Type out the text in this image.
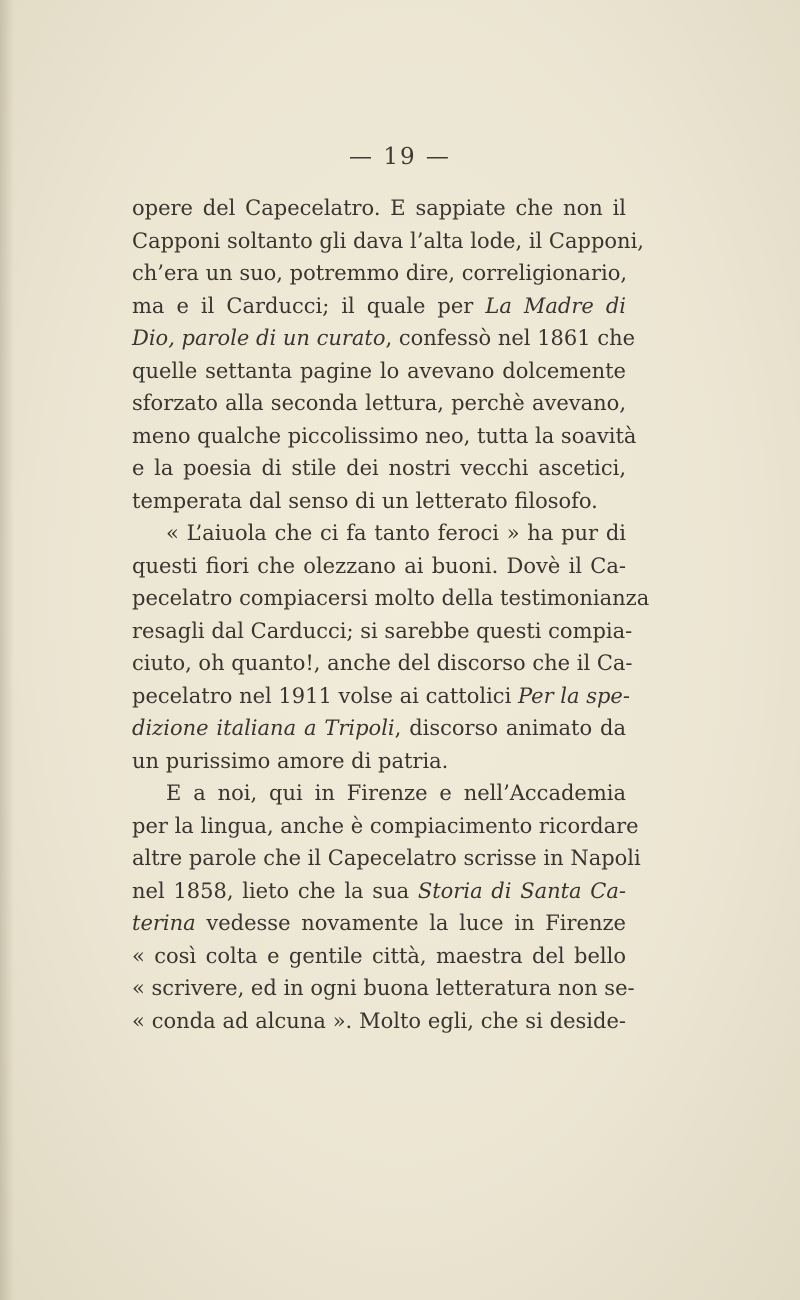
— 19 —
opere del Capecelatro. E sappiate che non il
Capponi soltanto gli dava l’alta lode, il Capponi,
ch’era un suo, potremmo dire, correligionario,
ma e il Carducci; il quale per La Madre di
Dio, parole di un curato, confessò nel 1861 che
quelle settanta pagine lo avevano dolcemente
sforzato alla seconda lettura, perchè avevano,
meno qualche piccolissimo neo, tutta la soavità
e la poesia di stile dei nostri vecchi ascetici,
temperata dal senso di un letterato filosofo.
« L’aiuola che ci fa tanto feroci » ha pur di
questi fiori che olezzano ai buoni. Dovè il Ca-
pecelatro compiacersi molto della testimonianza
resagli dal Carducci; si sarebbe questi compia-
ciuto, oh quanto!, anche del discorso che il Ca-
pecelatro nel 1911 volse ai cattolici Per la spe-
dizione italiana a Tripoli, discorso animato da
un purissimo amore di patria.
E a noi, qui in Firenze e nell’Accademia
per la lingua, anche è compiacimento ricordare
altre parole che il Capecelatro scrisse in Napoli
nel 1858, lieto che la sua Storia di Santa Ca-
terina vedesse novamente la luce in Firenze
« così colta e gentile città, maestra del bello
« scrivere, ed in ogni buona letteratura non se-
« conda ad alcuna ». Molto egli, che si deside-
